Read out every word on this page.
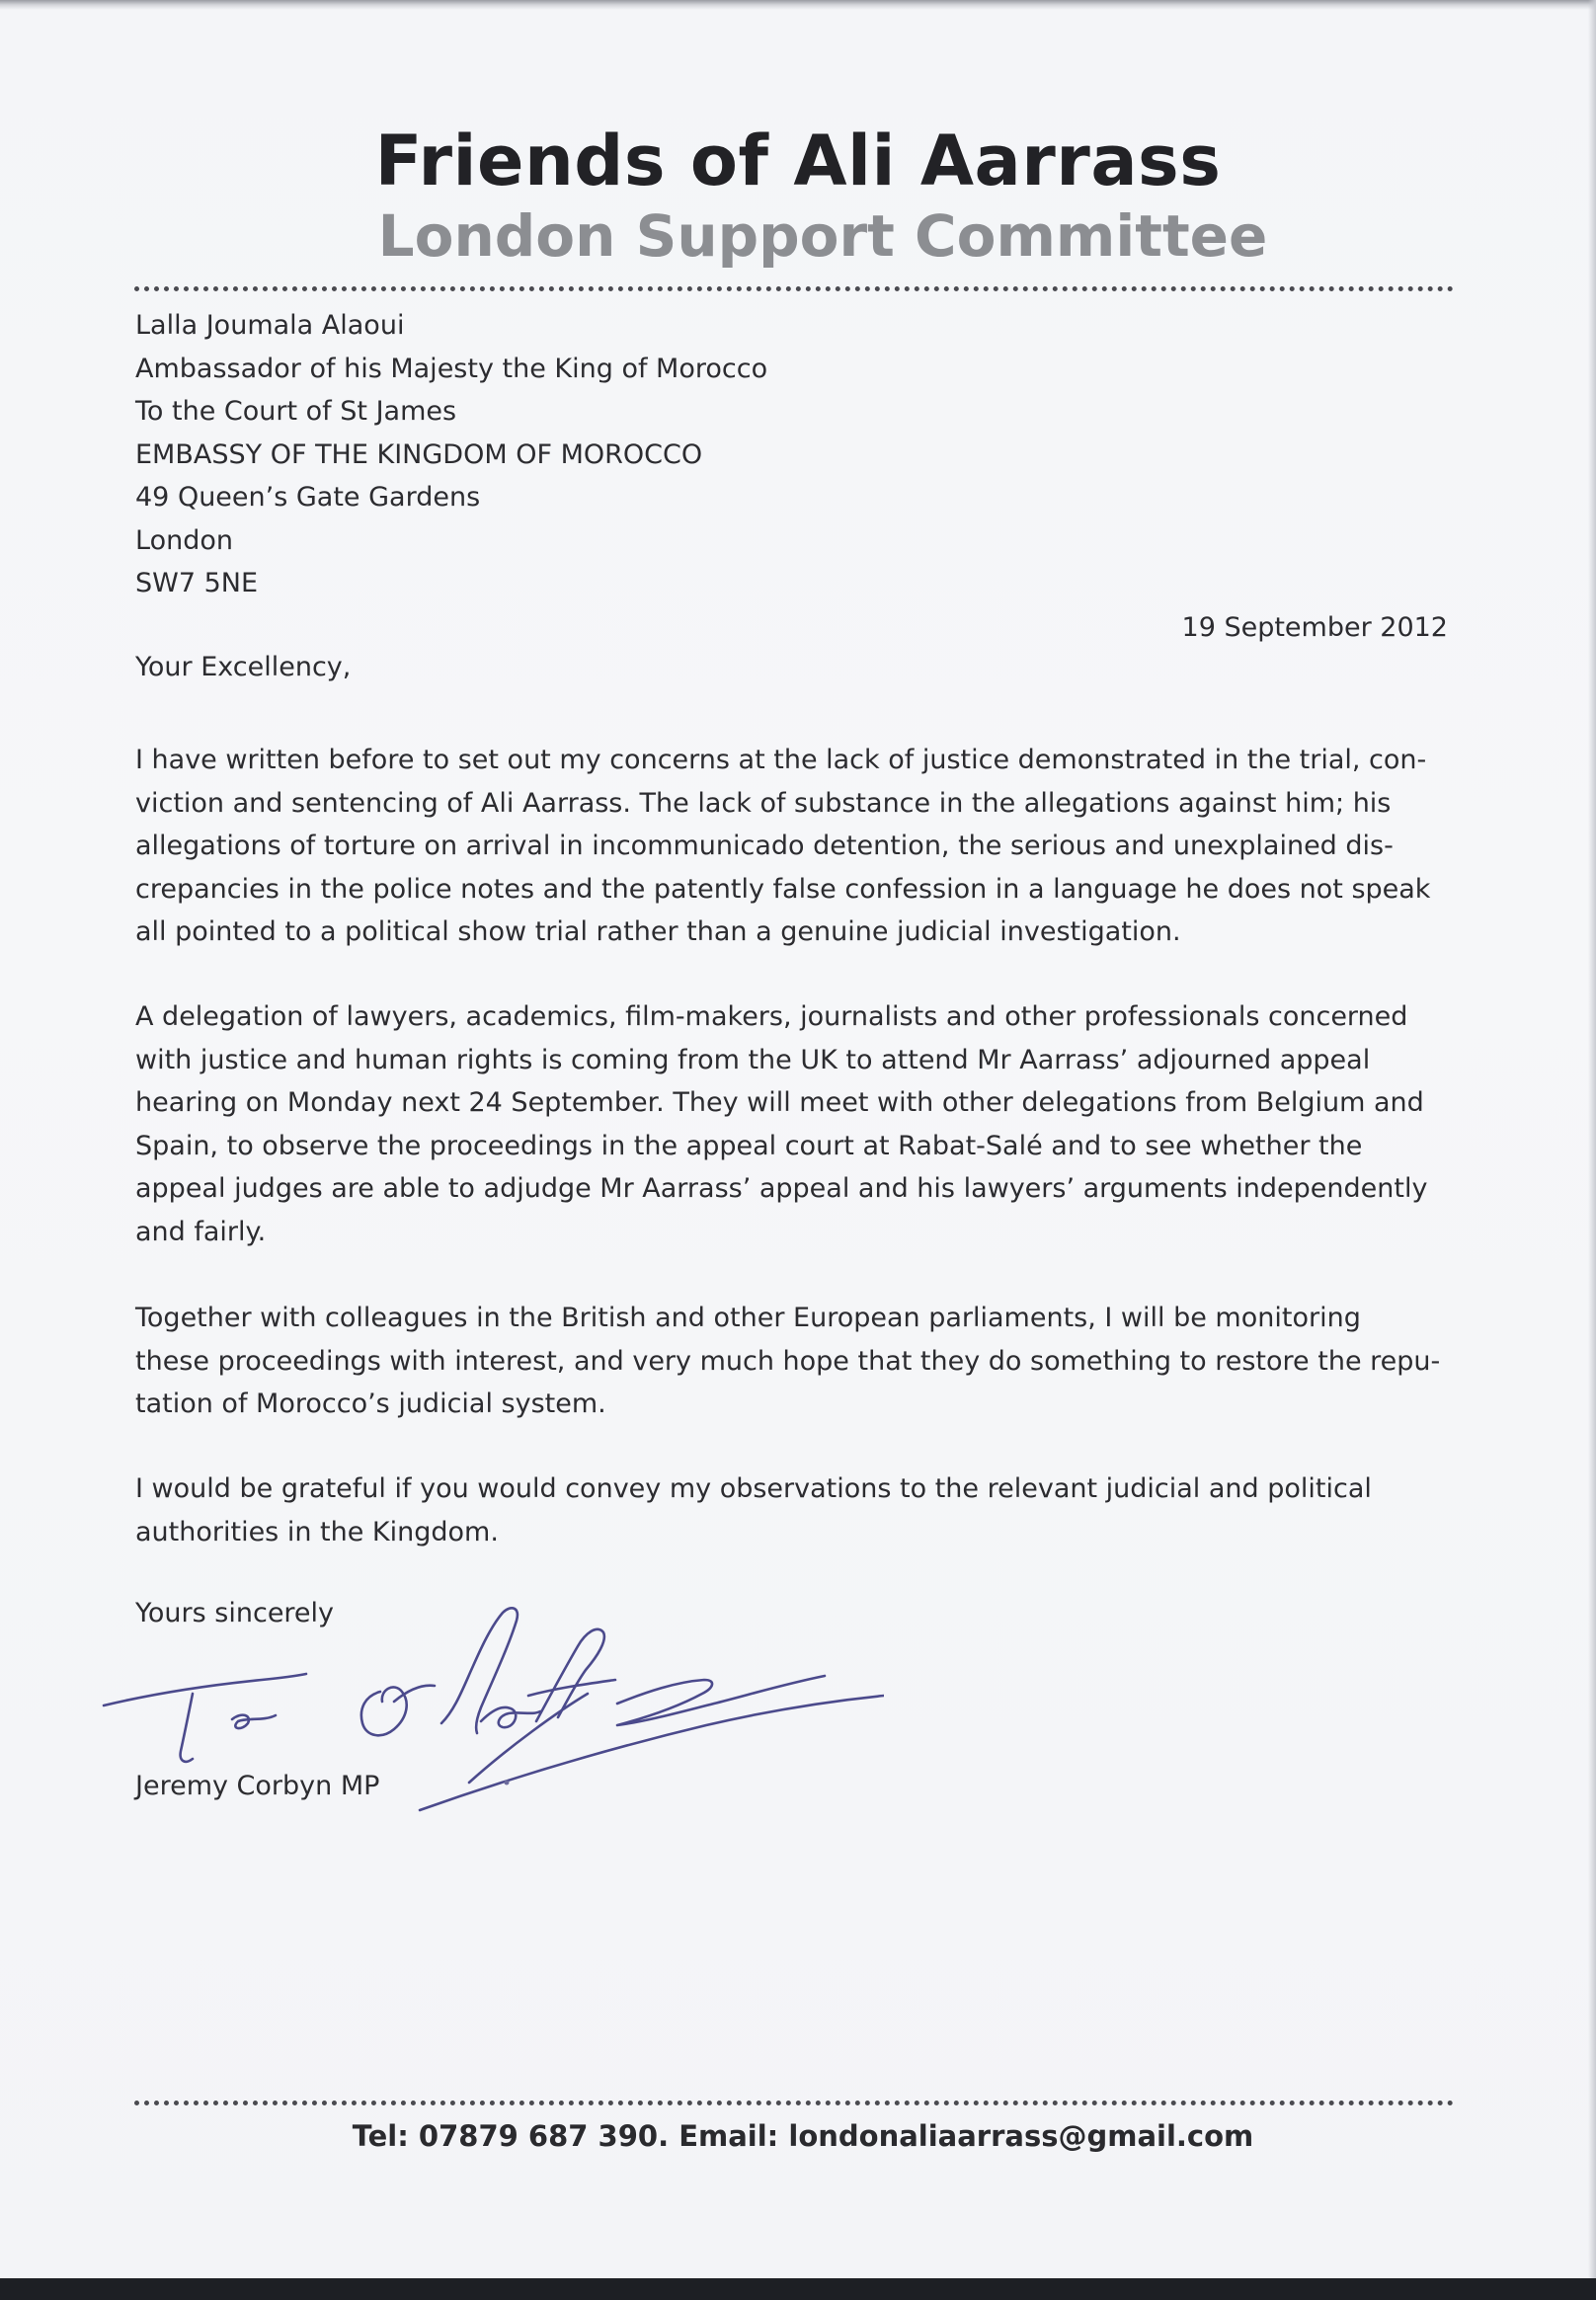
Friends of Ali Aarrass
London Support Committee
Lalla Joumala Alaoui
Ambassador of his Majesty the King of Morocco
To the Court of St James
EMBASSY OF THE KINGDOM OF MOROCCO
49 Queen’s Gate Gardens
London
SW7 5NE
19 September 2012
Your Excellency,
I have written before to set out my concerns at the lack of justice demonstrated in the trial, con-
viction and sentencing of Ali Aarrass. The lack of substance in the allegations against him; his
allegations of torture on arrival in incommunicado detention, the serious and unexplained dis-
crepancies in the police notes and the patently false confession in a language he does not speak
all pointed to a political show trial rather than a genuine judicial investigation.
A delegation of lawyers, academics, film-makers, journalists and other professionals concerned
with justice and human rights is coming from the UK to attend Mr Aarrass’ adjourned appeal
hearing on Monday next 24 September. They will meet with other delegations from Belgium and
Spain, to observe the proceedings in the appeal court at Rabat-Salé and to see whether the
appeal judges are able to adjudge Mr Aarrass’ appeal and his lawyers’ arguments independently
and fairly.
Together with colleagues in the British and other European parliaments, I will be monitoring
these proceedings with interest, and very much hope that they do something to restore the repu-
tation of Morocco’s judicial system.
I would be grateful if you would convey my observations to the relevant judicial and political
authorities in the Kingdom.
Yours sincerely
Jeremy Corbyn MP
Tel: 07879 687 390. Email: londonaliaarrass@gmail.com
